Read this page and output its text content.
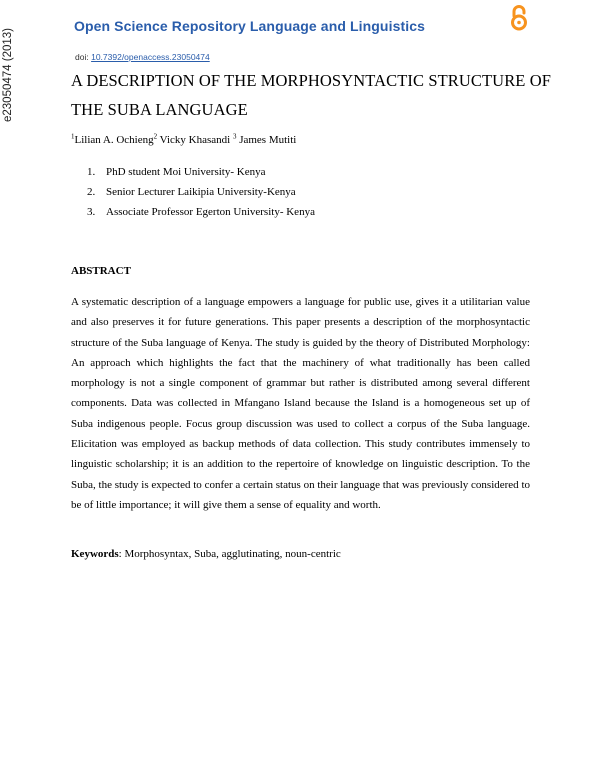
e23050474 (2013)
Open Science Repository Language and Linguistics
doi: 10.7392/openaccess.23050474
A DESCRIPTION OF THE MORPHOSYNTACTIC STRUCTURE OF THE SUBA LANGUAGE
$^1$Lilian A. Ochieng$^2$ Vicky Khasandi $^3$ James Mutiti
1. PhD student Moi University- Kenya
2. Senior Lecturer Laikipia University-Kenya
3. Associate Professor Egerton University- Kenya
ABSTRACT

A systematic description of a language empowers a language for public use, gives it a utilitarian value and also preserves it for future generations. This paper presents a description of the morphosyntactic structure of the Suba language of Kenya. The study is guided by the theory of Distributed Morphology: An approach which highlights the fact that the machinery of what traditionally has been called morphology is not a single component of grammar but rather is distributed among several different components. Data was collected in Mfangano Island because the Island is a homogeneous set up of Suba indigenous people. Focus group discussion was used to collect a corpus of the Suba language. Elicitation was employed as backup methods of data collection. This study contributes immensely to linguistic scholarship; it is an addition to the repertoire of knowledge on linguistic description. To the Suba, the study is expected to confer a certain status on their language that was previously considered to be of little importance; it will give them a sense of equality and worth.

Keywords: Morphosyntax, Suba, agglutinating, noun-centric
